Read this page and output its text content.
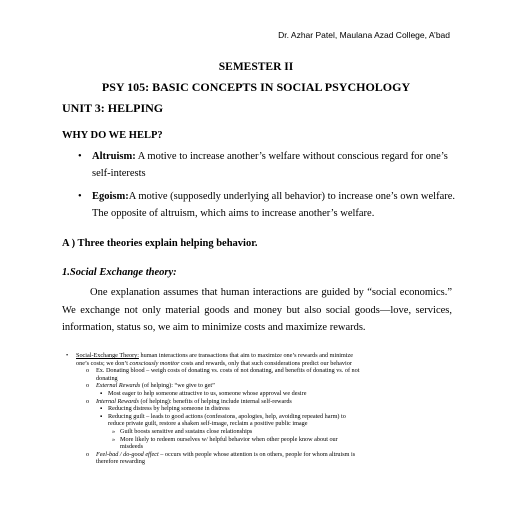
Dr. Azhar Patel, Maulana Azad College, A’bad
SEMESTER II
PSY 105: BASIC CONCEPTS IN SOCIAL PSYCHOLOGY
UNIT 3: HELPING
WHY DO WE HELP?
• Altruism: A motive to increase another’s welfare without conscious regard for one’s self-interests
• Egoism:A motive (supposedly underlying all behavior) to increase one’s own welfare. The opposite of altruism, which aims to increase another’s welfare.
A ) Three theories explain helping behavior.
1.Social Exchange theory:

One explanation assumes that human interactions are guided by “social economics.” We exchange not only material goods and money but also social goods—love, services, information, status so, we aim to minimize costs and maximize rewards.

• Social-Exchange Theory: human interactions are transactions that aim to maximize one’s rewards and minimize one’s costs; we don’t consciously monitor costs and rewards, only that such considerations predict our behavior
o Ex. Donating blood – weigh costs of donating vs. costs of not donating, and benefits of donating vs. of not donating
o External Rewards (of helping): “we give to get”
▪ Most eager to help someone attractive to us, someone whose approval we desire
o Internal Rewards (of helping): benefits of helping include internal self-rewards
▪ Reducing distress by helping someone in distress
▪ Reducing guilt – leads to good actions (confessions, apologies, help, avoiding repeated harm) to reduce private guilt, restore a shaken self-image, reclaim a positive public image
» Guilt boosts sensitive and sustains close relationships
» More likely to redeem ourselves w/ helpful behavior when other people know about our misdeeds
o Feel-bad / do-good effect – occurs with people whose attention is on others, people for whom altruism is therefore rewarding
